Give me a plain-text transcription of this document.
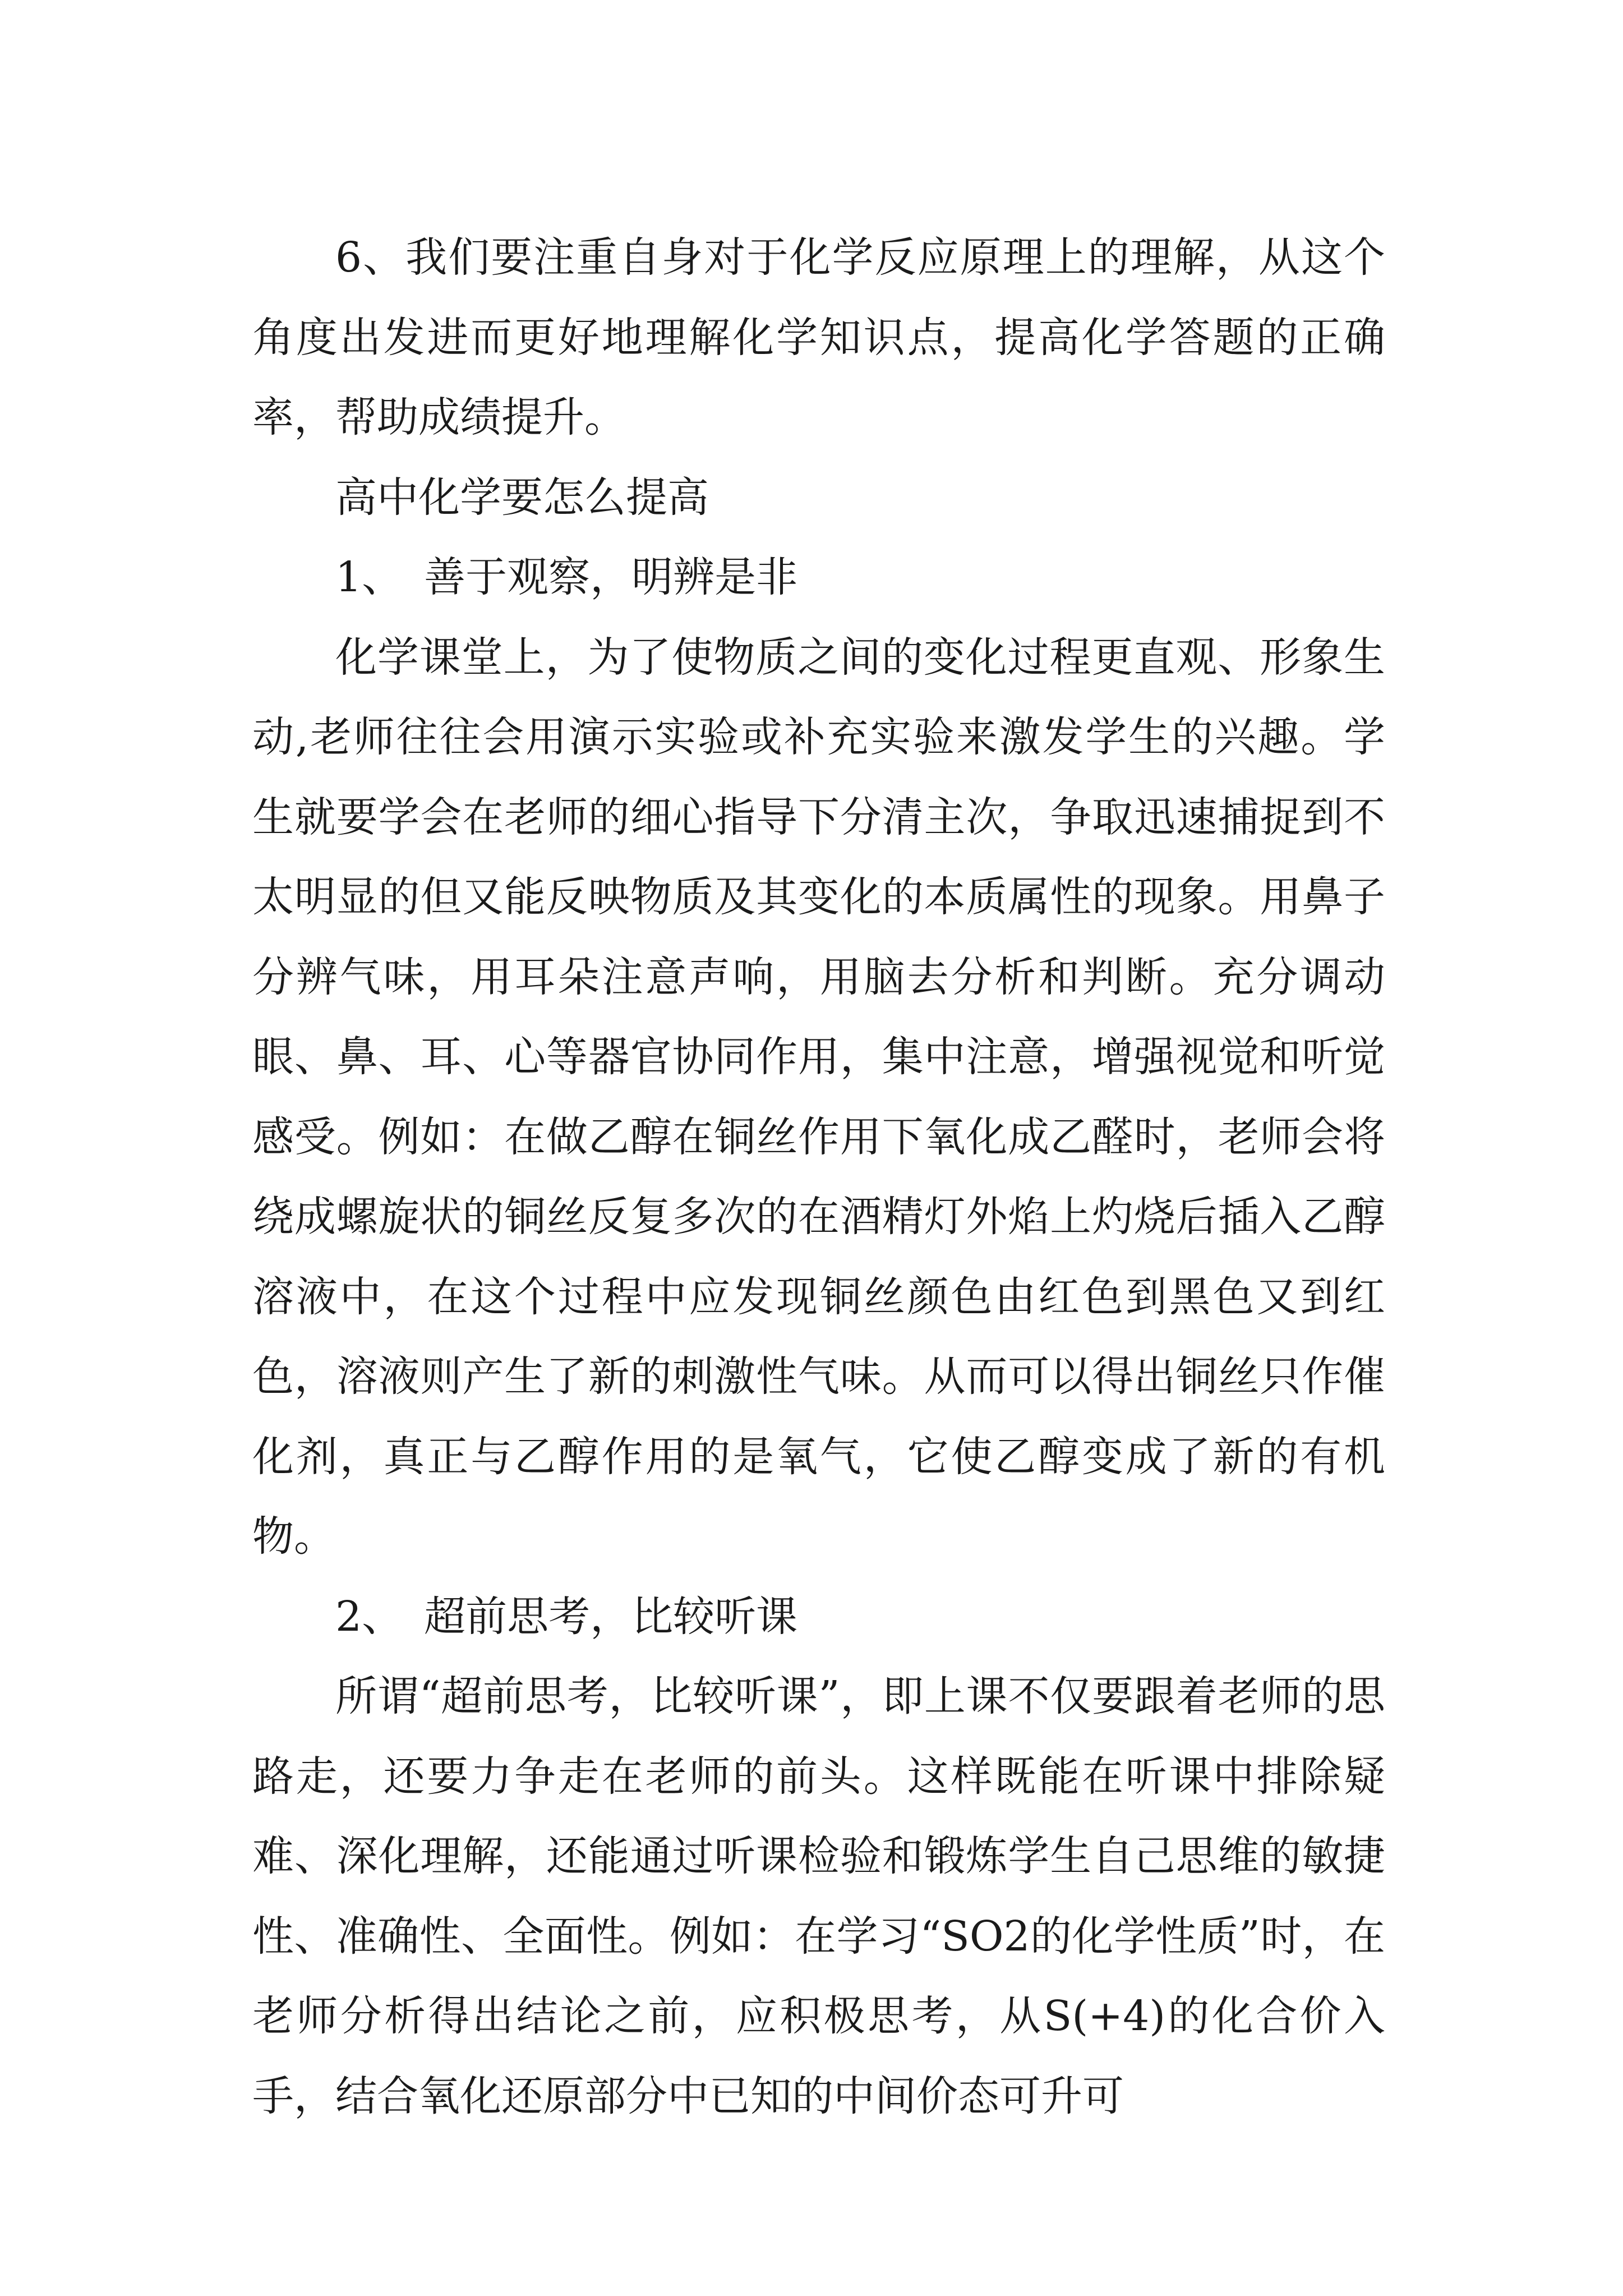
6、我们要注重自身对于化学反应原理上的理解，从这个角度出发进而更好地理解化学知识点，提高化学答题的正确率，帮助成绩提升。

高中化学要怎么提高

1、　善于观察，明辨是非

化学课堂上，为了使物质之间的变化过程更直观、形象生动,老师往往会用演示实验或补充实验来激发学生的兴趣。学生就要学会在老师的细心指导下分清主次，争取迅速捕捉到不太明显的但又能反映物质及其变化的本质属性的现象。用鼻子分辨气味，用耳朵注意声响，用脑去分析和判断。充分调动眼、鼻、耳、心等器官协同作用，集中注意，增强视觉和听觉感受。例如：在做乙醇在铜丝作用下氧化成乙醛时，老师会将绕成螺旋状的铜丝反复多次的在酒精灯外焰上灼烧后插入乙醇溶液中，在这个过程中应发现铜丝颜色由红色到黑色又到红色，溶液则产生了新的刺激性气味。从而可以得出铜丝只作催化剂，真正与乙醇作用的是氧气，它使乙醇变成了新的有机物。

2、　超前思考，比较听课

所谓“超前思考，比较听课”，即上课不仅要跟着老师的思路走，还要力争走在老师的前头。这样既能在听课中排除疑难、深化理解，还能通过听课检验和锻炼学生自己思维的敏捷性、准确性、全面性。例如：在学习“SO2的化学性质”时，在老师分析得出结论之前，应积极思考，从S(+4)的化合价入手，结合氧化还原部分中已知的中间价态可升可
